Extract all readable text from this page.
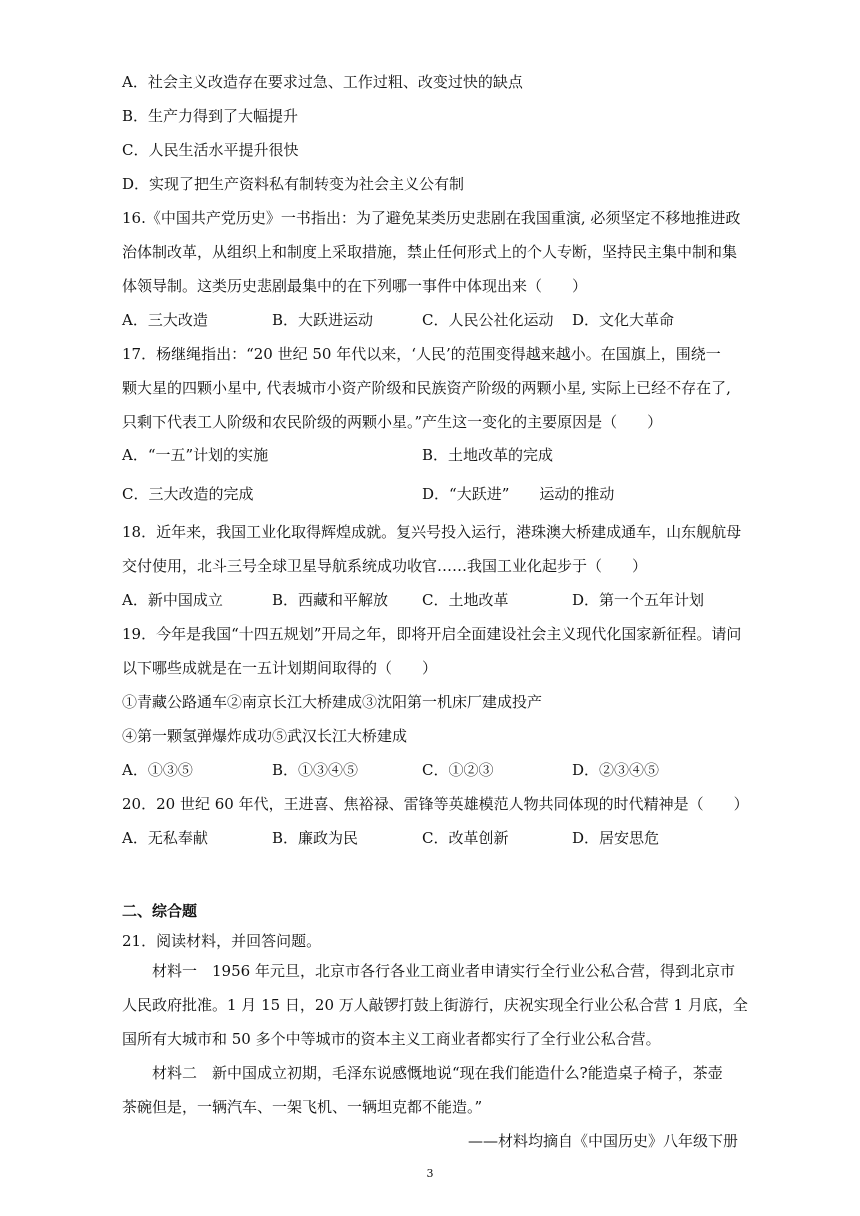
A．社会主义改造存在要求过急、工作过粗、改变过快的缺点
B．生产力得到了大幅提升
C．人民生活水平提升很快
D．实现了把生产资料私有制转变为社会主义公有制
16.《中国共产党历史》一书指出：为了避免某类历史悲剧在我国重演, 必须坚定不移地推进政
治体制改革，从组织上和制度上采取措施，禁止任何形式上的个人专断，坚持民主集中制和集
体领导制。这类历史悲剧最集中的在下列哪一事件中体现出来（　　）
A．三大改造	B．大跃进运动	C．人民公社化运动 D．文化大革命
17．杨继绳指出：“20 世纪 50 年代以来，‘人民’的范围变得越来越小。在国旗上，围绕一
颗大星的四颗小星中, 代表城市小资产阶级和民族资产阶级的两颗小星, 实际上已经不存在了,
只剩下代表工人阶级和农民阶级的两颗小星。”产生这一变化的主要原因是（　　）
A．“一五”计划的实施	B．土地改革的完成
C．三大改造的完成	D．“大跃进”　　运动的推动
18．近年来，我国工业化取得辉煌成就。复兴号投入运行，港珠澳大桥建成通车，山东舰航母
交付使用，北斗三号全球卫星导航系统成功收官……我国工业化起步于（　　）
A．新中国成立	B．西藏和平解放 C．土地改革	D．第一个五年计划
19．今年是我国“十四五规划”开局之年，即将开启全面建设社会主义现代化国家新征程。请问
以下哪些成就是在一五计划期间取得的（　　）
①青藏公路通车②南京长江大桥建成③沈阳第一机床厂建成投产
④第一颗氢弹爆炸成功⑤武汉长江大桥建成
A．①③⑤	B．①③④⑤	C．①②③	D．②③④⑤
20．20 世纪 60 年代，王进喜、焦裕禄、雷锋等英雄模范人物共同体现的时代精神是（　　）
A．无私奉献	B．廉政为民	C．改革创新	D．居安思危
二、综合题
21．阅读材料，并回答问题。
　　材料一　1956 年元旦，北京市各行各业工商业者申请实行全行业公私合营，得到北京市
人民政府批准。1 月 15 日，20 万人敲锣打鼓上街游行，庆祝实现全行业公私合营 1 月底，全
国所有大城市和 50 多个中等城市的资本主义工商业者都实行了全行业公私合营。
　　材料二　新中国成立初期，毛泽东说感慨地说“现在我们能造什么?能造桌子椅子，茶壶
茶碗但是，一辆汽车、一架飞机、一辆坦克都不能造。”
——材料均摘自《中国历史》八年级下册
3
